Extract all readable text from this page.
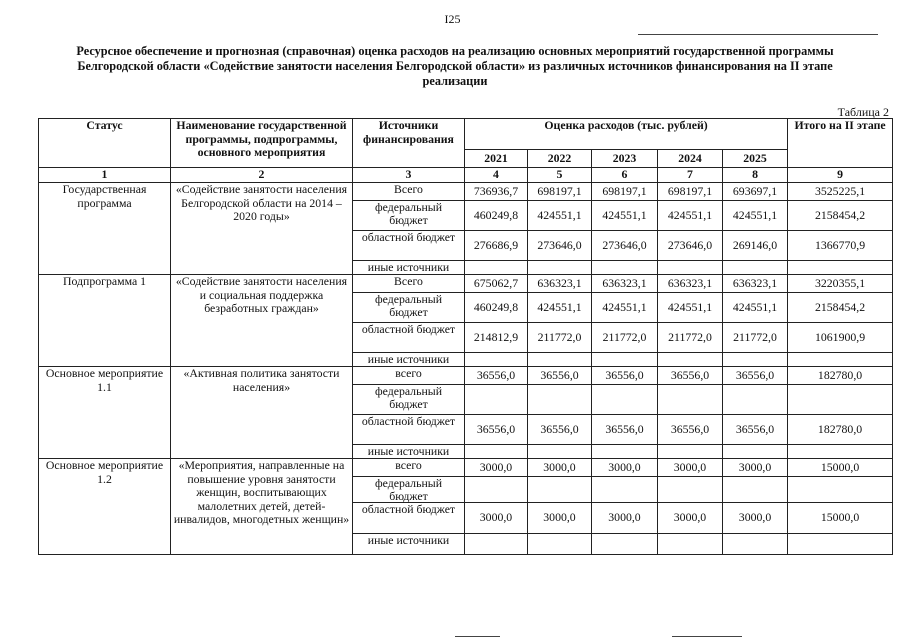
I25
Ресурсное обеспечение и прогнозная (справочная) оценка расходов на реализацию основных мероприятий государственной программы
Белгородской области «Содействие занятости населения Белгородской области» из различных источников финансирования на II этапе
реализации
Таблица 2
Статус	Наименование государственной программы, подпрограммы, основного мероприятия	Источники финансирования	Оценка расходов (тыс. рублей)					Итого на II этапе
			2021	2022	2023	2024	2025	
1	2	3	4	5	6	7	8	9
Государственная программа	«Содействие занятости населения Белгородской области на 2014 – 2020 годы»	Всего	736936,7	698197,1	698197,1	698197,1	693697,1	3525225,1
		федеральный бюджет	460249,8	424551,1	424551,1	424551,1	424551,1	2158454,2
		областной бюджет	276686,9	273646,0	273646,0	273646,0	269146,0	1366770,9
		иные источники						
Подпрограмма 1	«Содействие занятости населения и социальная поддержка безработных граждан»	Всего	675062,7	636323,1	636323,1	636323,1	636323,1	3220355,1
		федеральный бюджет	460249,8	424551,1	424551,1	424551,1	424551,1	2158454,2
		областной бюджет	214812,9	211772,0	211772,0	211772,0	211772,0	1061900,9
		иные источники						
Основное мероприятие 1.1	«Активная политика занятости населения»	всего	36556,0	36556,0	36556,0	36556,0	36556,0	182780,0
		федеральный бюджет						
		областной бюджет	36556,0	36556,0	36556,0	36556,0	36556,0	182780,0
		иные источники						
Основное мероприятие 1.2	«Мероприятия, направленные на повышение уровня занятости женщин, воспитывающих малолетних детей, детей-инвалидов, многодетных женщин»	всего	3000,0	3000,0	3000,0	3000,0	3000,0	15000,0
		федеральный бюджет						
		областной бюджет	3000,0	3000,0	3000,0	3000,0	3000,0	15000,0
		иные источники						
